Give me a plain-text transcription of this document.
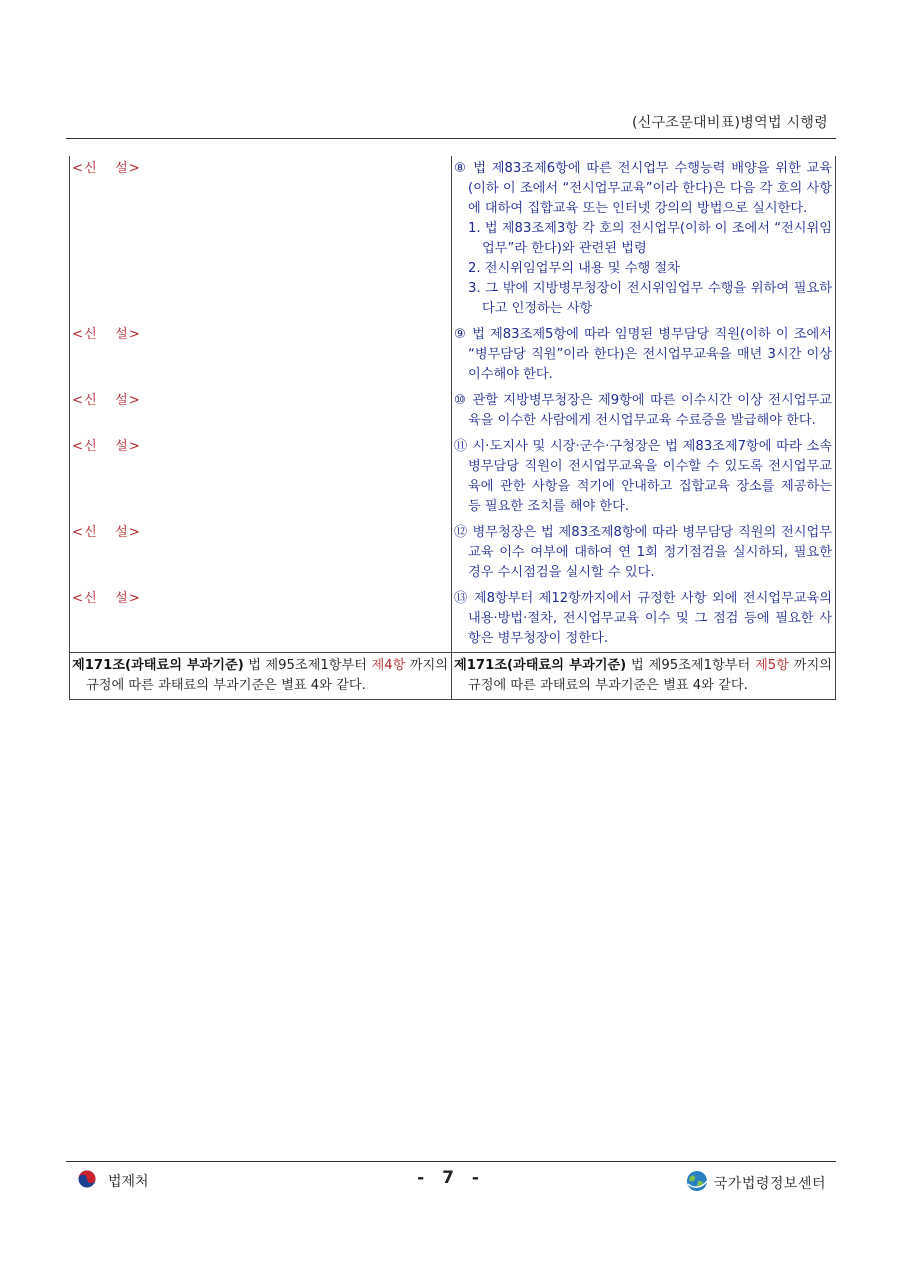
(신구조문대비표)병역법 시행령
<신 설>	⑧ 법 제83조제6항에 따른 전시업무 수행능력 배양을 위한 교육(이하 이 조에서 “전시업무교육”이라 한다)은 다음 각 호의 사항에 대하여 집합교육 또는 인터넷 강의의 방법으로 실시한다.
1. 법 제83조제3항 각 호의 전시업무(이하 이 조에서 “전시위임업무”라 한다)와 관련된 법령
2. 전시위임업무의 내용 및 수행 절차
3. 그 밖에 지방병무청장이 전시위임업무 수행을 위하여 필요하다고 인정하는 사항

<신 설>	⑨ 법 제83조제5항에 따라 임명된 병무담당 직원(이하 이 조에서 “병무담당 직원”이라 한다)은 전시업무교육을 매년 3시간 이상 이수해야 한다.

<신 설>	⑩ 관할 지방병무청장은 제9항에 따른 이수시간 이상 전시업무교육을 이수한 사람에게 전시업무교육 수료증을 발급해야 한다.

<신 설>	⑪ 시·도지사 및 시장·군수·구청장은 법 제83조제7항에 따라 소속 병무담당 직원이 전시업무교육을 이수할 수 있도록 전시업무교육에 관한 사항을 적기에 안내하고 집합교육 장소를 제공하는 등 필요한 조치를 해야 한다.

<신 설>	⑫ 병무청장은 법 제83조제8항에 따라 병무담당 직원의 전시업무교육 이수 여부에 대하여 연 1회 정기점검을 실시하되, 필요한 경우 수시점검을 실시할 수 있다.

<신 설>	⑬ 제8항부터 제12항까지에서 규정한 사항 외에 전시업무교육의 내용·방법·절차, 전시업무교육 이수 및 그 점검 등에 필요한 사항은 병무청장이 정한다.

제171조(과태료의 부과기준) 법 제95조제1항부터 제4항 까지의 규정에 따른 과태료의 부과기준은 별표 4와 같다.	제171조(과태료의 부과기준) 법 제95조제1항부터 제5항 까지의 규정에 따른 과태료의 부과기준은 별표 4와 같다.
법제처	- 7 -	국가법령정보센터
